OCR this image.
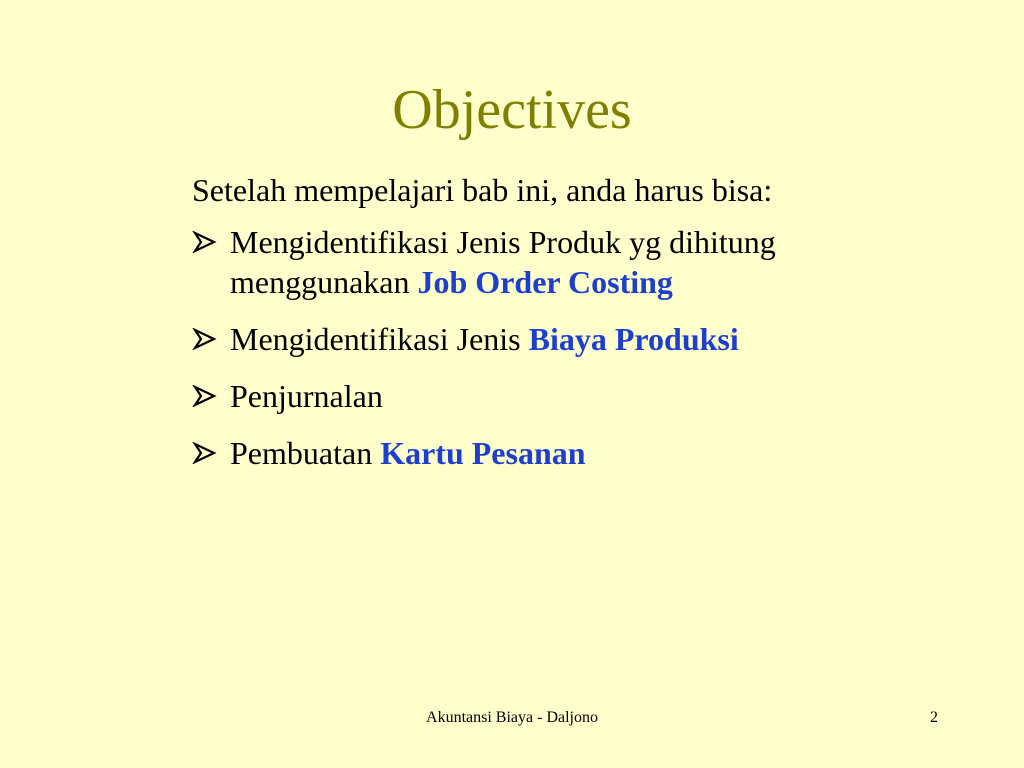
Objectives
Setelah mempelajari bab ini, anda harus bisa:
Mengidentifikasi Jenis Produk yg dihitung menggunakan Job Order Costing
Mengidentifikasi Jenis Biaya Produksi
Penjurnalan
Pembuatan Kartu Pesanan
Akuntansi Biaya - Daljono	2
